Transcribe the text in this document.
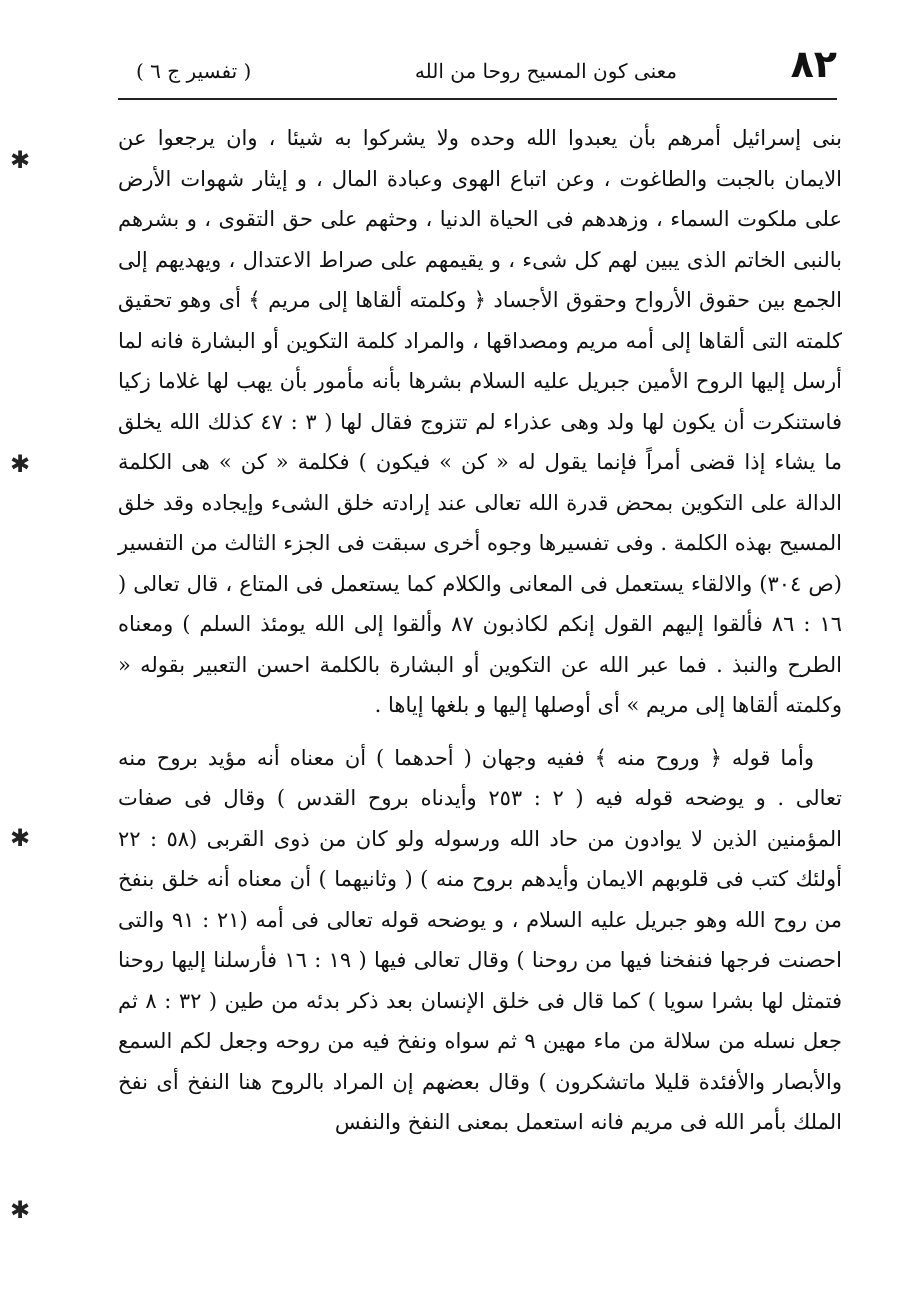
٨٢
معنى كون المسيح روحا من الله
( تفسير ج ٦ )

بنى إسرائيل أمرهم بأن يعبدوا الله وحده ولا يشركوا به شيئا ، وان يرجعوا عن الايمان بالجبت والطاغوت ، وعن اتباع الهوى وعبادة المال ، و إيثار شهوات الأرض على ملكوت السماء ، وزهدهم فى الحياة الدنيا ، وحثهم على حق التقوى ، و بشرهم بالنبى الخاتم الذى يبين لهم كل شىء ، و يقيمهم على صراط الاعتدال ، ويهديهم إلى الجمع بين حقوق الأرواح وحقوق الأجساد ﴿ وكلمته ألقاها إلى مريم ﴾ أى وهو تحقيق كلمته التى ألقاها إلى أمه مريم ومصداقها ، والمراد كلمة التكوين أو البشارة فانه لما أرسل إليها الروح الأمين جبريل عليه السلام بشرها بأنه مأمور بأن يهب لها غلاما زكيا فاستنكرت أن يكون لها ولد وهى عذراء لم تتزوج فقال لها ( ٣ : ٤٧ كذلك الله يخلق ما يشاء إذا قضى أمراً فإنما يقول له « كن » فيكون ) فكلمة « كن » هى الكلمة الدالة على التكوين بمحض قدرة الله تعالى عند إرادته خلق الشىء وإيجاده وقد خلق المسيح بهذه الكلمة . وفى تفسيرها وجوه أخرى سبقت فى الجزء الثالث من التفسير (ص ٣٠٤) والالقاء يستعمل فى المعانى والكلام كما يستعمل فى المتاع ، قال تعالى ( ١٦ : ٨٦ فألقوا إليهم القول إنكم لكاذبون ٨٧ وألقوا إلى الله يومئذ السلم ) ومعناه الطرح والنبذ . فما عبر الله عن التكوين أو البشارة بالكلمة احسن التعبير بقوله « وكلمته ألقاها إلى مريم » أى أوصلها إليها و بلغها إياها .

وأما قوله ﴿ وروح منه ﴾ ففيه وجهان ( أحدهما ) أن معناه أنه مؤيد بروح منه تعالى . و يوضحه قوله فيه ( ٢ : ٢٥٣ وأيدناه بروح القدس ) وقال فى صفات المؤمنين الذين لا يوادون من حاد الله ورسوله ولو كان من ذوى القربى (٥٨ : ٢٢ أولئك كتب فى قلوبهم الايمان وأيدهم بروح منه ) ( وثانيهما ) أن معناه أنه خلق بنفخ من روح الله وهو جبريل عليه السلام ، و يوضحه قوله تعالى فى أمه (٢١ : ٩١ والتى احصنت فرجها فنفخنا فيها من روحنا ) وقال تعالى فيها ( ١٩ : ١٦ فأرسلنا إليها روحنا فتمثل لها بشرا سويا ) كما قال فى خلق الإنسان بعد ذكر بدئه من طين ( ٣٢ : ٨ ثم جعل نسله من سلالة من ماء مهين ٩ ثم سواه ونفخ فيه من روحه وجعل لكم السمع والأبصار والأفئدة قليلا ماتشكرون ) وقال بعضهم إن المراد بالروح هنا النفخ أى نفخ الملك بأمر الله فى مريم فانه استعمل بمعنى النفخ والنفس

✱
✱
✱
✱
